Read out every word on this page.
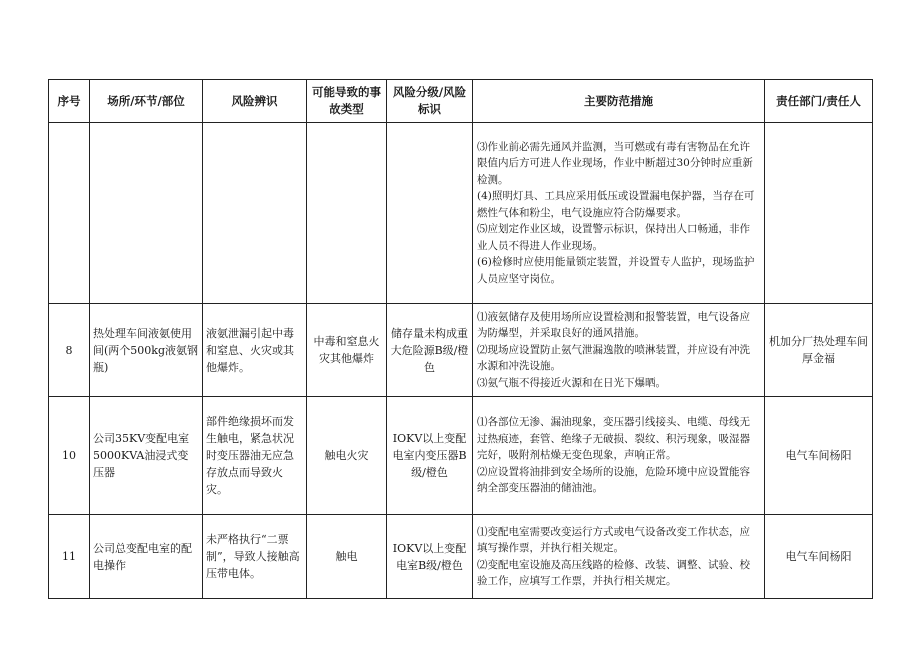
序号	场所/环节/部位	风险辨识	可能导致的事故类型	风险分级/风险标识	主要防范措施	责任部门/责任人

					⑶作业前必需先通风并监测，当可燃或有毒有害物品在允许限值内后方可进人作业现场，作业中断超过30分钟时应重新检测。
(4)照明灯具、工具应采用低压或设置漏电保护器，当存在可燃性气体和粉尘，电气设施应符合防爆要求。
⑸应划定作业区域，设置警示标识，保持出人口畅通，非作业人员不得进人作业现场。
(6)检修时应使用能量锁定装置，并设置专人监护，现场监护人员应坚守岗位。	

8	热处理车间液氨使用间(两个500kg液氨钢瓶)	液氨泄漏引起中毒和窒息、火灾或其他爆炸。	中毒和窒息火灾其他爆炸	储存量未构成重大危险源B级/橙色	⑴液氨储存及使用场所应设置检测和报警装置，电气设备应为防爆型，并采取良好的通风措施。
⑵现场应设置防止氨气泄漏逸散的喷淋装置，并应设有冲洗水源和冲洗设施。
⑶氨气瓶不得接近火源和在日光下爆晒。	机加分厂热处理车间厚金福
10	公司35KV变配电室5000KVA油浸式变压器	部件绝缘损坏而发生触电，紧急状况时变压器油无应急存放点而导致火灾。	触电火灾	IOKV以上变配电室内变压器B级/橙色	⑴各部位无渗、漏油现象，变压器引线接头、电缆、母线无过热痕迹，套管、绝缘子无破损、裂纹、积污现象，吸湿器完好，吸附剂枯燥无变色现象，声响正常。
⑵应设置将油排到安全场所的设施，危险环境中应设置能容纳全部变压器油的储油池。	电气车间杨阳
11	公司总变配电室的配电操作	未严格执行“二票制”，导致人接触高压带电体。	触电	IOKV以上变配电室B级/橙色	⑴变配电室需要改变运行方式或电气设备改变工作状态，应填写操作票，并执行相关规定。
⑵变配电室设施及高压线路的检修、改装、调整、试验、校验工作，应填写工作票，并执行相关规定。	电气车间杨阳
